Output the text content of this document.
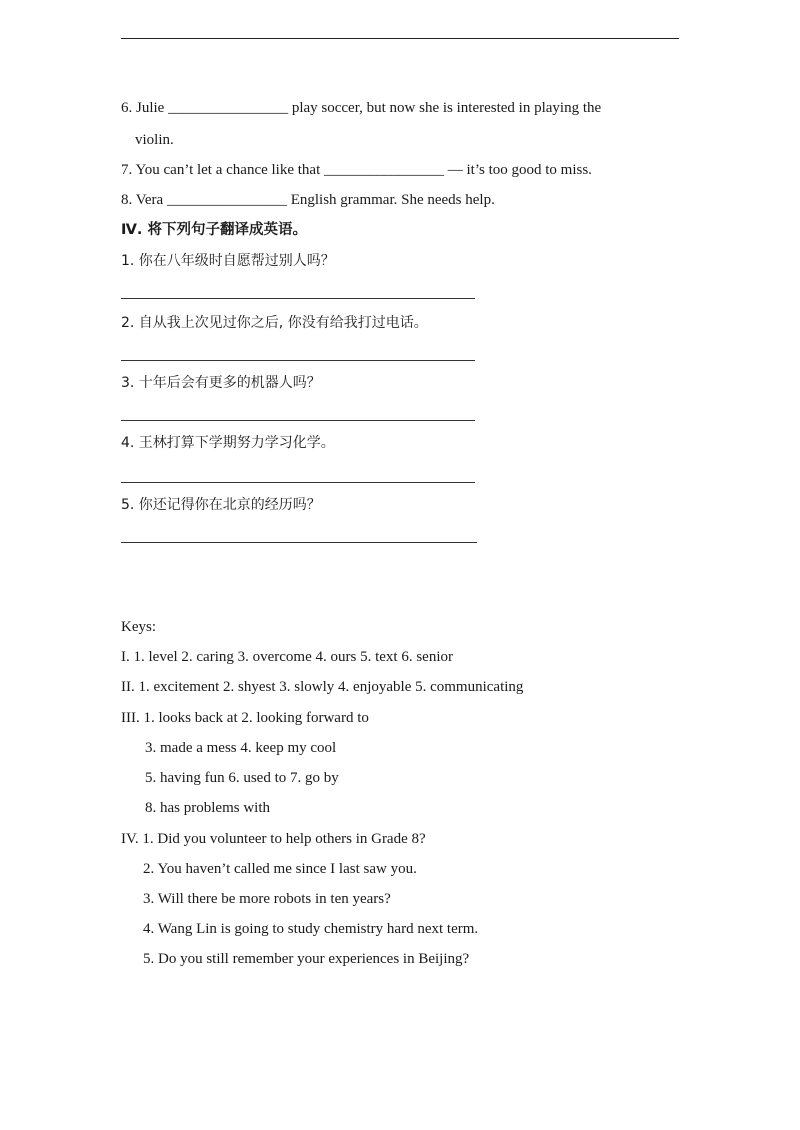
6. Julie ________________ play soccer, but now she is interested in playing the
violin.
7. You can’t let a chance like that ________________ — it’s too good to miss.
8. Vera ________________ English grammar. She needs help.
Ⅳ. 将下列句子翻译成英语。
1. 你在八年级时自愿帮过别人吗？
2. 自从我上次见过你之后, 你没有给我打过电话。
3. 十年后会有更多的机器人吗？
4. 王林打算下学期努力学习化学。
5. 你还记得你在北京的经历吗？
Keys:
I. 1. level 2. caring 3. overcome 4. ours 5. text 6. senior
II. 1. excitement 2. shyest 3. slowly 4. enjoyable 5. communicating
III. 1. looks back at 2. looking forward to
3. made a mess 4. keep my cool
5. having fun 6. used to 7. go by
8. has problems with
IV. 1. Did you volunteer to help others in Grade 8?
2. You haven’t called me since I last saw you.
3. Will there be more robots in ten years?
4. Wang Lin is going to study chemistry hard next term.
5. Do you still remember your experiences in Beijing?
